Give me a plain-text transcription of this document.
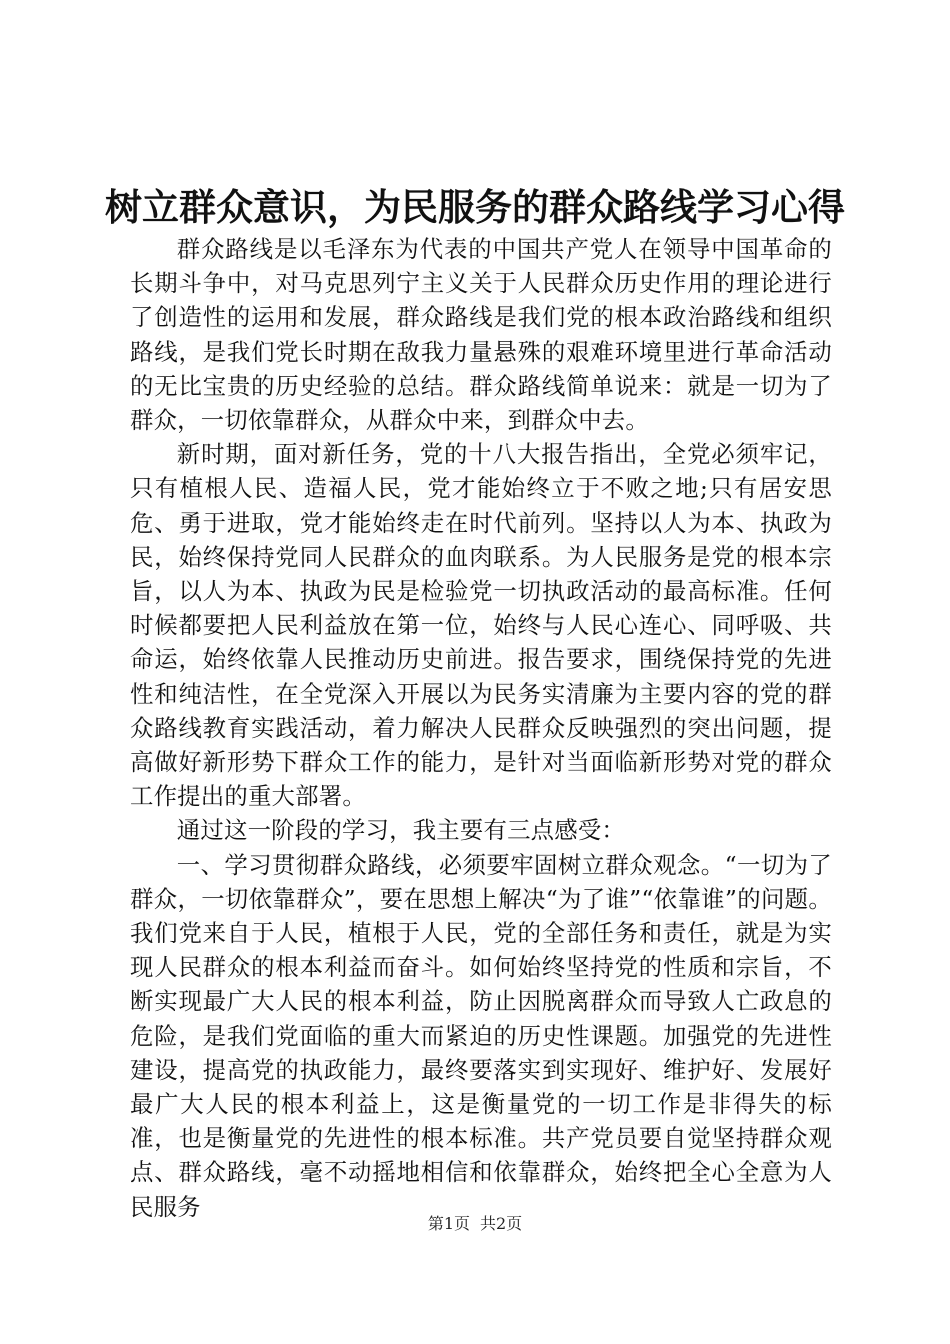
树立群众意识，为民服务的群众路线学习心得

群众路线是以毛泽东为代表的中国共产党人在领导中国革命的长期斗争中，对马克思列宁主义关于人民群众历史作用的理论进行了创造性的运用和发展，群众路线是我们党的根本政治路线和组织路线，是我们党长时期在敌我力量悬殊的艰难环境里进行革命活动的无比宝贵的历史经验的总结。群众路线简单说来：就是一切为了群众，一切依靠群众，从群众中来，到群众中去。

新时期，面对新任务，党的十八大报告指出，全党必须牢记，只有植根人民、造福人民，党才能始终立于不败之地;只有居安思危、勇于进取，党才能始终走在时代前列。坚持以人为本、执政为民，始终保持党同人民群众的血肉联系。为人民服务是党的根本宗旨，以人为本、执政为民是检验党一切执政活动的最高标准。任何时候都要把人民利益放在第一位，始终与人民心连心、同呼吸、共命运，始终依靠人民推动历史前进。报告要求，围绕保持党的先进性和纯洁性，在全党深入开展以为民务实清廉为主要内容的党的群众路线教育实践活动，着力解决人民群众反映强烈的突出问题，提高做好新形势下群众工作的能力，是针对当面临新形势对党的群众工作提出的重大部署。

通过这一阶段的学习，我主要有三点感受：

一、学习贯彻群众路线，必须要牢固树立群众观念。“一切为了群众，一切依靠群众”，要在思想上解决“为了谁”“依靠谁”的问题。我们党来自于人民，植根于人民，党的全部任务和责任，就是为实现人民群众的根本利益而奋斗。如何始终坚持党的性质和宗旨，不断实现最广大人民的根本利益，防止因脱离群众而导致人亡政息的危险，是我们党面临的重大而紧迫的历史性课题。加强党的先进性建设，提高党的执政能力，最终要落实到实现好、维护好、发展好最广大人民的根本利益上，这是衡量党的一切工作是非得失的标准，也是衡量党的先进性的根本标准。共产党员要自觉坚持群众观点、群众路线，毫不动摇地相信和依靠群众，始终把全心全意为人民服务

第1页 共2页
